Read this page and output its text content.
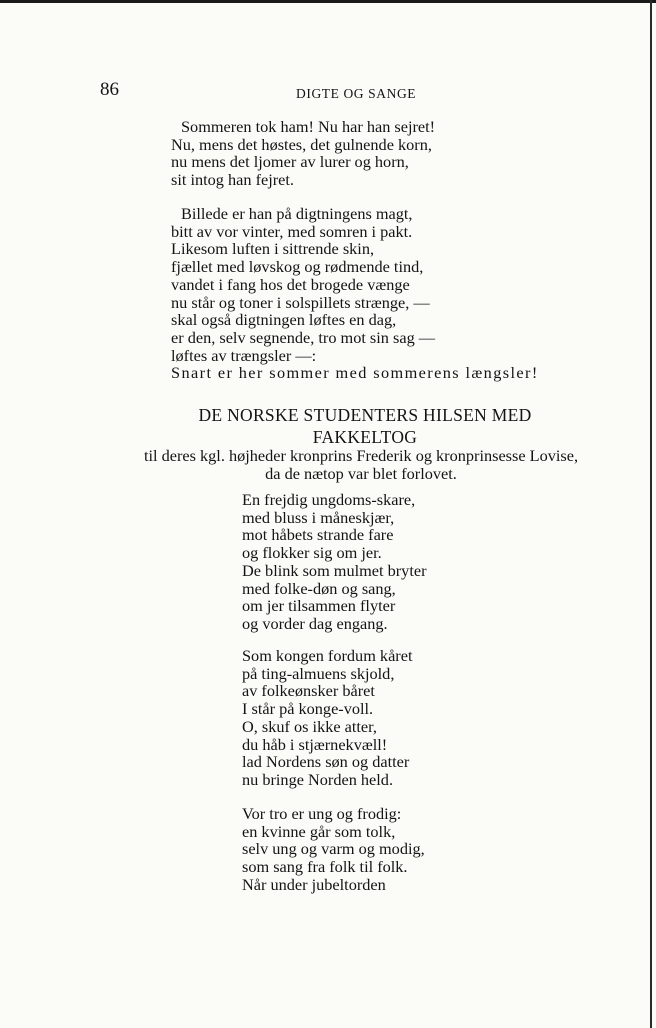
86	DIGTE OG SANGE

Sommeren tok ham! Nu har han sejret!
Nu, mens det høstes, det gulnende korn,
nu mens det ljomer av lurer og horn,
sit intog han fejret.
Billede er han på digtningens magt,
bitt av vor vinter, med somren i pakt.
Likesom luften i sittrende skin,
fjællet med løvskog og rødmende tind,
vandet i fang hos det brogede vænge
nu står og toner i solspillets strænge, —
skal også digtningen løftes en dag,
er den, selv segnende, tro mot sin sag —
løftes av trængsler —:
Snart er her sommer med sommerens længsler!
DE NORSKE STUDENTERS HILSEN MED
FAKKELTOG

til deres kgl. højheder kronprins Frederik og kronprinsesse Lovise,
da de nætop var blet forlovet.

En frejdig ungdoms-skare,
med bluss i måneskjær,
mot håbets strande fare
og flokker sig om jer.
De blink som mulmet bryter
med folke-døn og sang,
om jer tilsammen flyter
og vorder dag engang.
Som kongen fordum kåret
på ting-almuens skjold,
av folkeønsker båret
I står på konge-voll.
O, skuf os ikke atter,
du håb i stjærnekvæll!
lad Nordens søn og datter
nu bringe Norden held.
Vor tro er ung og frodig:
en kvinne går som tolk,
selv ung og varm og modig,
som sang fra folk til folk.
Når under jubeltorden
